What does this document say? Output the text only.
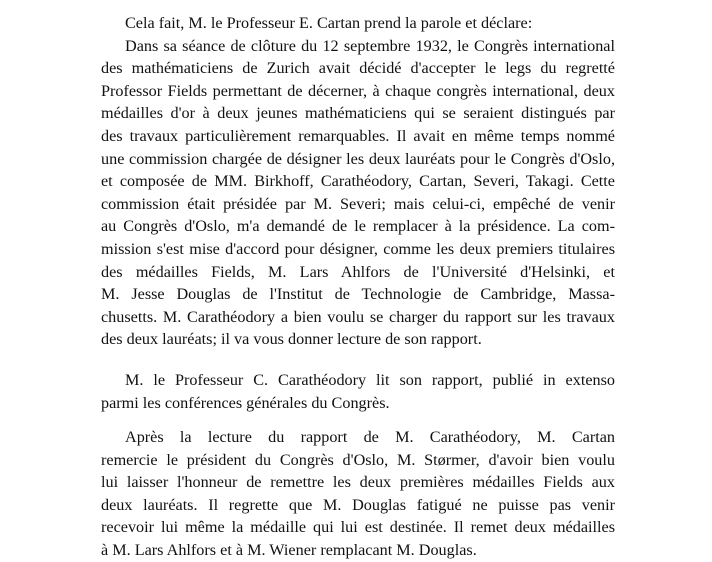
Cela fait, M. le Professeur E. Cartan prend la parole et déclare:

Dans sa séance de clôture du 12 septembre 1932, le Congrès international
des mathématiciens de Zurich avait décidé d'accepter le legs du regretté
Professor Fields permettant de décerner, à chaque congrès international, deux
médailles d'or à deux jeunes mathématiciens qui se seraient distingués par
des travaux particulièrement remarquables. Il avait en même temps nommé
une commission chargée de désigner les deux lauréats pour le Congrès d'Oslo,
et composée de MM. Birkhoff, Carathéodory, Cartan, Severi, Takagi. Cette
commission était présidée par M. Severi; mais celui-ci, empêché de venir
au Congrès d'Oslo, m'a demandé de le remplacer à la présidence. La com-
mission s'est mise d'accord pour désigner, comme les deux premiers titulaires
des médailles Fields, M. Lars Ahlfors de l'Université d'Helsinki, et
M. Jesse Douglas de l'Institut de Technologie de Cambridge, Massa-
chusetts. M. Carathéodory a bien voulu se charger du rapport sur les travaux
des deux lauréats; il va vous donner lecture de son rapport.

M. le Professeur C. Carathéodory lit son rapport, publié in extenso
parmi les conférences générales du Congrès.

Après la lecture du rapport de M. Carathéodory, M. Cartan
remercie le président du Congrès d'Oslo, M. Størmer, d'avoir bien voulu
lui laisser l'honneur de remettre les deux premières médailles Fields aux
deux lauréats. Il regrette que M. Douglas fatigué ne puisse pas venir
recevoir lui même la médaille qui lui est destinée. Il remet deux médailles
à M. Lars Ahlfors et à M. Wiener remplacant M. Douglas.
